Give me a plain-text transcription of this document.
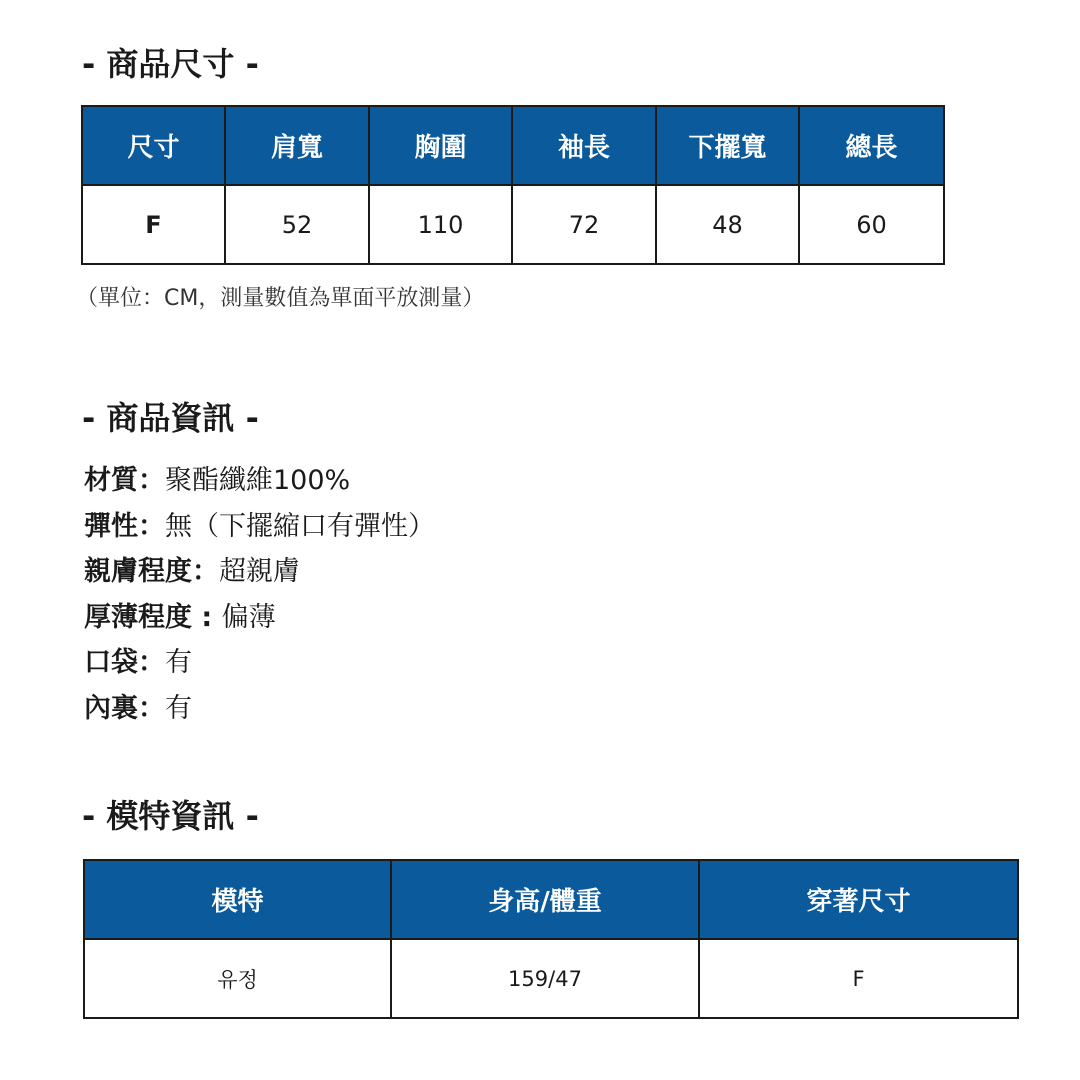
- 商品尺寸 -
尺寸	肩寬	胸圍	袖長	下擺寬	總長
F	52	110	72	48	60
（單位：CM，測量數值為單面平放測量）
- 商品資訊 -
材質：聚酯纖維100%
彈性：無（下擺縮口有彈性）
親膚程度：超親膚
厚薄程度 : 偏薄
口袋：有
內裏：有
- 模特資訊 -
模特	身高/體重	穿著尺寸
유정	159/47	F
